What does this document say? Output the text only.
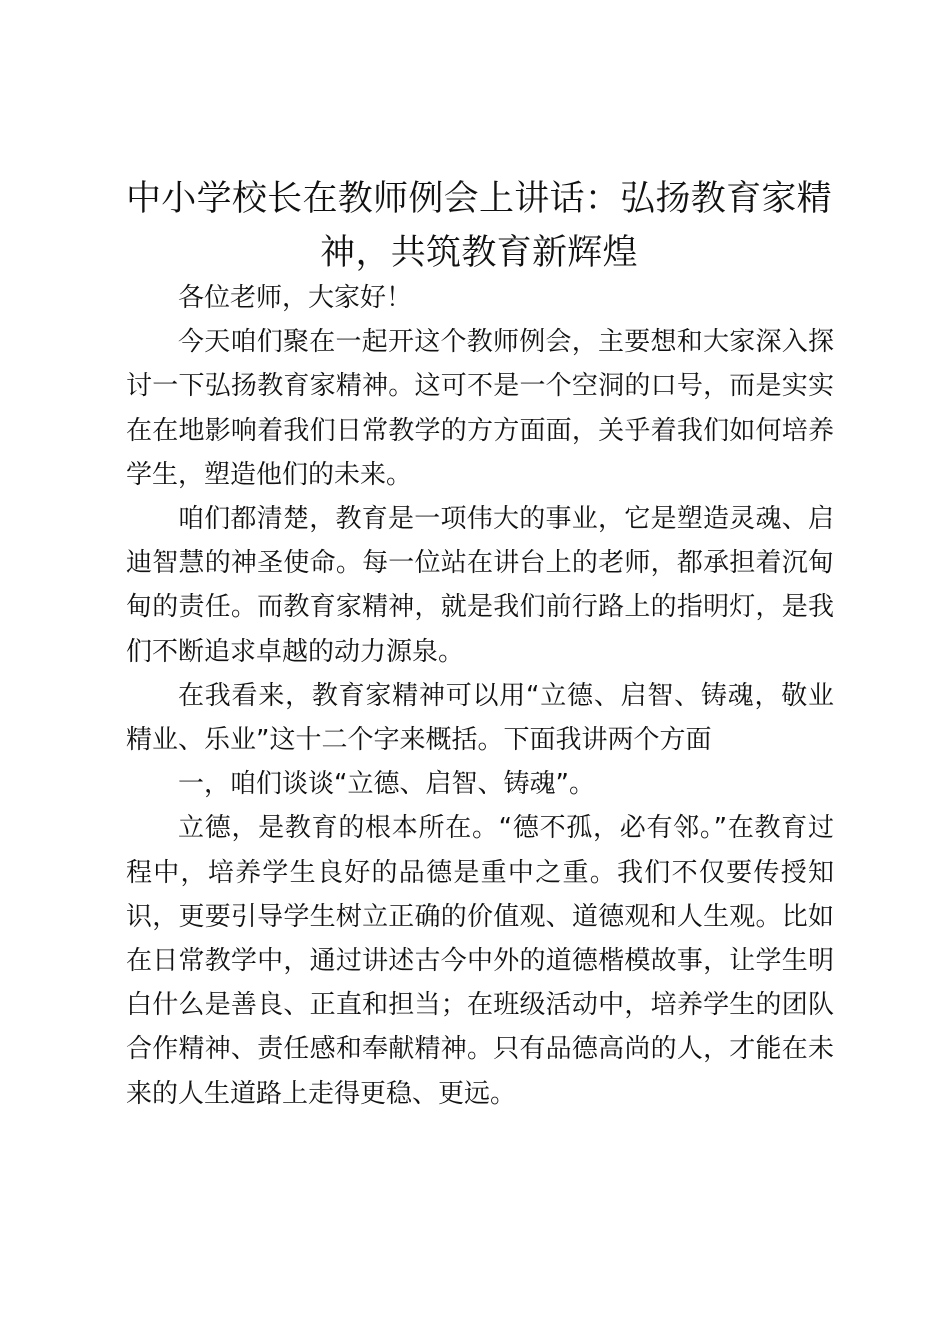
中小学校长在教师例会上讲话：弘扬教育家精神，共筑教育新辉煌

各位老师，大家好！

今天咱们聚在一起开这个教师例会，主要想和大家深入探讨一下弘扬教育家精神。这可不是一个空洞的口号，而是实实在在地影响着我们日常教学的方方面面，关乎着我们如何培养学生，塑造他们的未来。

咱们都清楚，教育是一项伟大的事业，它是塑造灵魂、启迪智慧的神圣使命。每一位站在讲台上的老师，都承担着沉甸甸的责任。而教育家精神，就是我们前行路上的指明灯，是我们不断追求卓越的动力源泉。

在我看来，教育家精神可以用“立德、启智、铸魂，敬业精业、乐业”这十二个字来概括。下面我讲两个方面

一，咱们谈谈“立德、启智、铸魂”。

立德，是教育的根本所在。“德不孤，必有邻。”在教育过程中，培养学生良好的品德是重中之重。我们不仅要传授知识，更要引导学生树立正确的价值观、道德观和人生观。比如在日常教学中，通过讲述古今中外的道德楷模故事，让学生明白什么是善良、正直和担当；在班级活动中，培养学生的团队合作精神、责任感和奉献精神。只有品德高尚的人，才能在未来的人生道路上走得更稳、更远。
